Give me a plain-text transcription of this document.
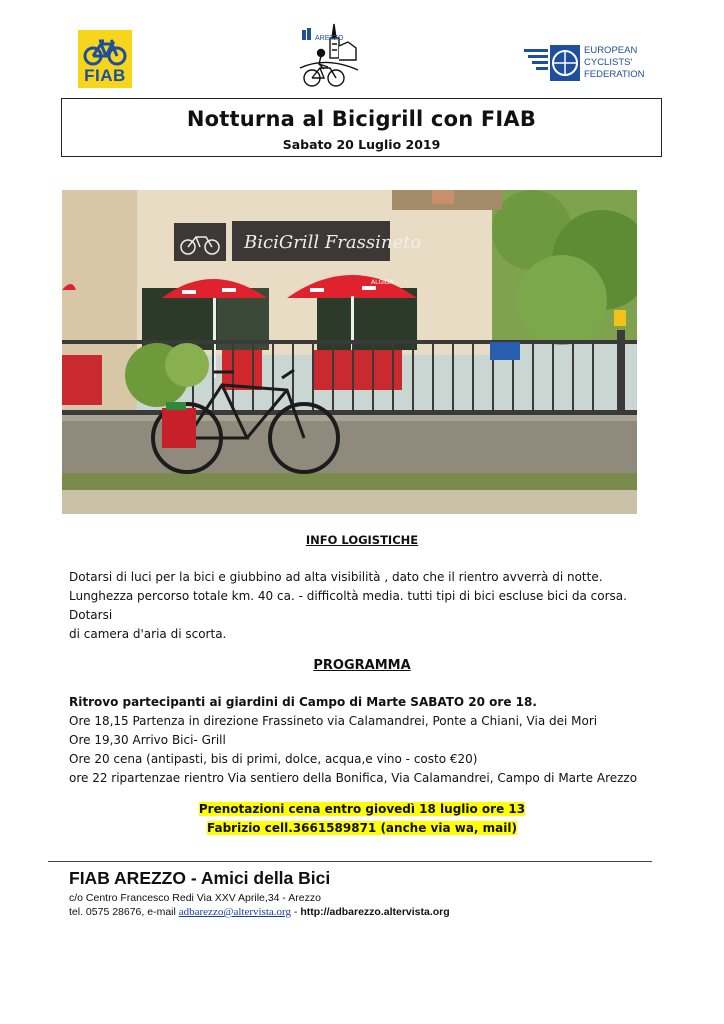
FIAB
AREZZO
EUROPEAN
CYCLISTS'
FEDERATION
Notturna al Bicigrill con FIAB
Sabato 20 Luglio 2019
BiciGrill Frassineto
ALGIDA
INFO LOGISTICHE
Dotarsi di luci per la bici e giubbino ad alta visibilità , dato che il rientro avverrà di notte.
Lunghezza percorso totale km. 40 ca. - difficoltà media. tutti tipi di bici escluse bici da corsa. Dotarsi
di camera d'aria di scorta.
PROGRAMMA
Ritrovo partecipanti ai giardini di Campo di Marte SABATO 20 ore 18.
Ore 18,15 Partenza in direzione Frassineto via Calamandrei, Ponte a Chiani, Via dei Mori
Ore 19,30 Arrivo Bici- Grill
Ore 20 cena (antipasti, bis di primi, dolce, acqua,e vino - costo €20)
ore 22 ripartenzae rientro Via sentiero della Bonifica, Via Calamandrei, Campo di Marte Arezzo
Prenotazioni cena entro giovedì 18 luglio ore 13
Fabrizio cell.3661589871 (anche via wa, mail)
FIAB AREZZO - Amici della Bici
c/o Centro Francesco Redi Via XXV Aprile,34 - Arezzo
tel. 0575 28676, e-mail adbarezzo@altervista.org - http://adbarezzo.altervista.org
